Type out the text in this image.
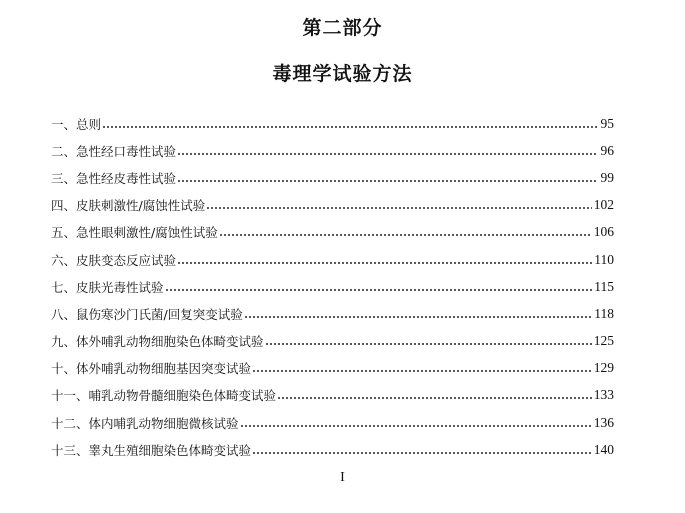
第二部分
毒理学试验方法
一、 总则	95
二、 急性经口毒性试验	96
三、 急性经皮毒性试验	99
四、 皮肤刺激性/腐蚀性试验	102
五、 急性眼刺激性/腐蚀性试验	106
六、 皮肤变态反应试验	110
七、 皮肤光毒性试验	115
八、 鼠伤寒沙门氏菌/回复突变试验	118
九、 体外哺乳动物细胞染色体畸变试验	125
十、 体外哺乳动物细胞基因突变试验	129
十一、 哺乳动物骨髓细胞染色体畸变试验	133
十二、 体内哺乳动物细胞微核试验	136
十三、 睾丸生殖细胞染色体畸变试验	140
I
